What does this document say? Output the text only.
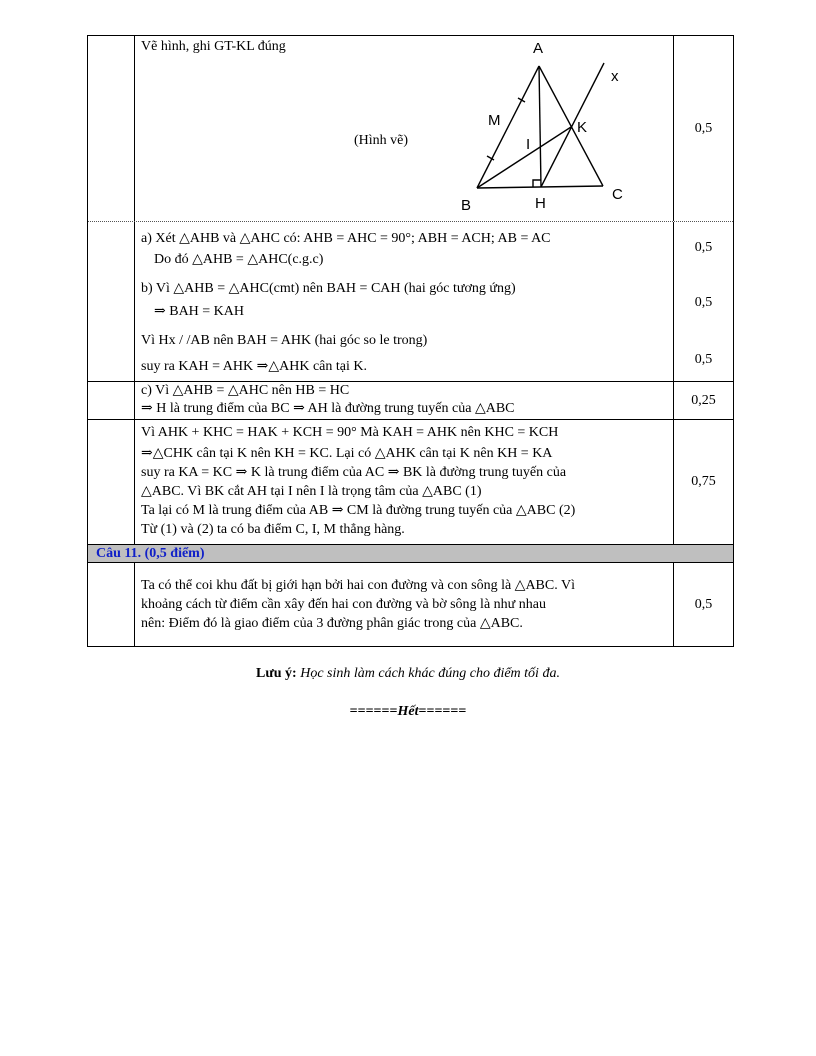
Vẽ hình, ghi GT-KL đúng
(Hình vẽ)
A
x
M	K
I
B	H
C
0,5
a) Xét △AHB và △AHC có: AHB = AHC = 90°; ABH = ACH; AB = AC
Do đó △AHB = △AHC(c.g.c)
b) Vì △AHB = △AHC(cmt) nên BAH = CAH (hai góc tương ứng)
⇒ BAH = KAH
Vì Hx / /AB nên BAH = AHK (hai góc so le trong)
suy ra KAH = AHK ⇒△AHK cân tại K.
0,5
0,5
0,5
c) Vì △AHB = △AHC nên HB = HC
⇒ H là trung điểm của BC ⇒ AH là đường trung tuyến của △ABC
0,25
Vì AHK + KHC = HAK + KCH = 90° Mà KAH = AHK nên KHC = KCH
⇒△CHK cân tại K nên KH = KC. Lại có △AHK cân tại K nên KH = KA
suy ra KA = KC ⇒ K là trung điểm của AC ⇒ BK là đường trung tuyến của
△ABC. Vì BK cắt AH tại I nên I là trọng tâm của △ABC (1)
Ta lại có M là trung điểm của AB ⇒ CM là đường trung tuyến của △ABC (2)
Từ (1) và (2) ta có ba điểm C, I, M thẳng hàng.
0,75
Câu 11. (0,5 điểm)
Ta có thể coi khu đất bị giới hạn bởi hai con đường và con sông là △ABC. Vì
khoảng cách từ điểm cần xây đến hai con đường và bờ sông là như nhau
nên: Điểm đó là giao điểm của 3 đường phân giác trong của △ABC.
0,5
Lưu ý: Học sinh làm cách khác đúng cho điểm tối đa.
======Hết======
